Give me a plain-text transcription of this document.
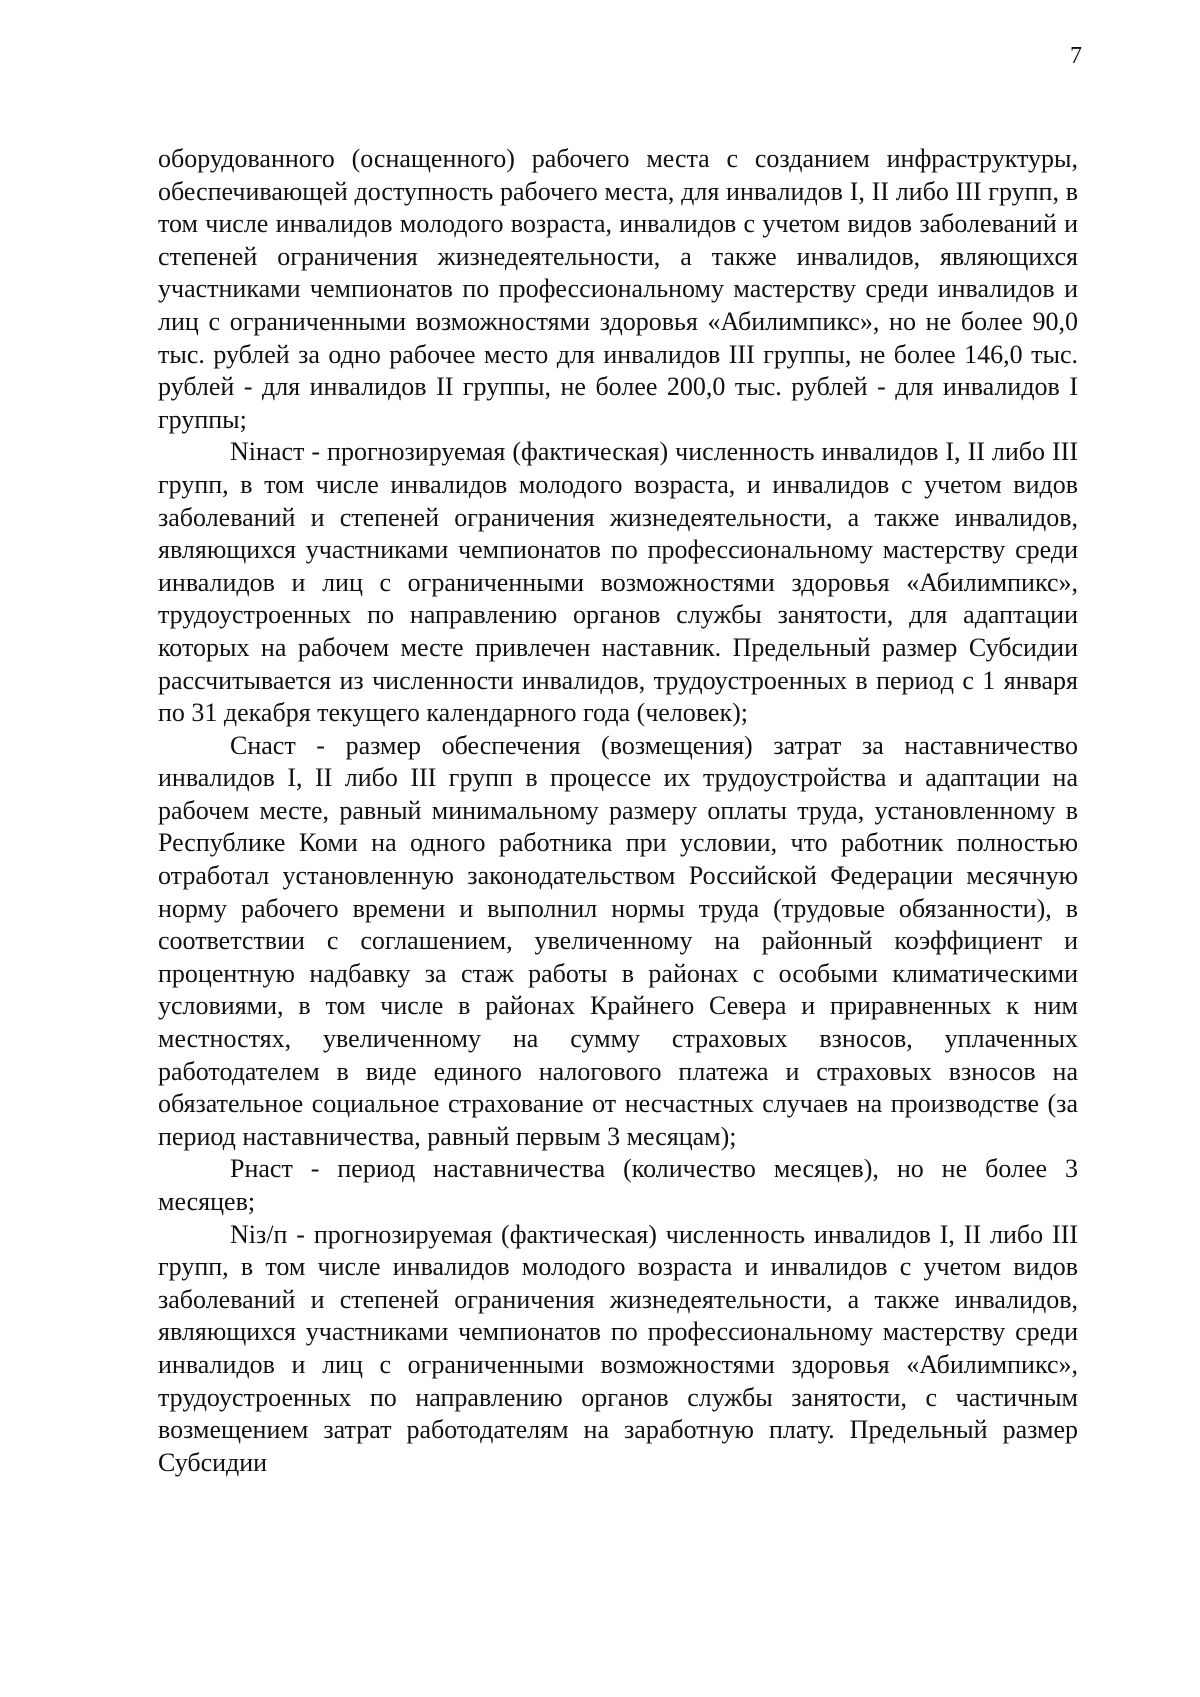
7

оборудованного (оснащенного) рабочего места с созданием инфраструктуры, обеспечивающей доступность рабочего места, для инвалидов I, II либо III групп, в том числе инвалидов молодого возраста, инвалидов с учетом видов заболеваний и степеней ограничения жизнедеятельности, а также инвалидов, являющихся участниками чемпионатов по профессиональному мастерству среди инвалидов и лиц с ограниченными возможностями здоровья «Абилимпикс», но не более 90,0 тыс. рублей за одно рабочее место для инвалидов III группы, не более 146,0 тыс. рублей - для инвалидов II группы, не более 200,0 тыс. рублей - для инвалидов I группы;

Niнаст - прогнозируемая (фактическая) численность инвалидов I, II либо III групп, в том числе инвалидов молодого возраста, и инвалидов с учетом видов заболеваний и степеней ограничения жизнедеятельности, а также инвалидов, являющихся участниками чемпионатов по профессиональному мастерству среди инвалидов и лиц с ограниченными возможностями здоровья «Абилимпикс», трудоустроенных по направлению органов службы занятости, для адаптации которых на рабочем месте привлечен наставник. Предельный размер Субсидии рассчитывается из численности инвалидов, трудоустроенных в период с 1 января по 31 декабря текущего календарного года (человек);

Cнаст - размер обеспечения (возмещения) затрат за наставничество инвалидов I, II либо III групп в процессе их трудоустройства и адаптации на рабочем месте, равный минимальному размеру оплаты труда, установленному в Республике Коми на одного работника при условии, что работник полностью отработал установленную законодательством Российской Федерации месячную норму рабочего времени и выполнил нормы труда (трудовые обязанности), в соответствии с соглашением, увеличенному на районный коэффициент и процентную надбавку за стаж работы в районах с особыми климатическими условиями, в том числе в районах Крайнего Севера и приравненных к ним местностях, увеличенному на сумму страховых взносов, уплаченных работодателем в виде единого налогового платежа и страховых взносов на обязательное социальное страхование от несчастных случаев на производстве (за период наставничества, равный первым 3 месяцам);

Pнаст - период наставничества (количество месяцев), но не более 3 месяцев;

Niз/п - прогнозируемая (фактическая) численность инвалидов I, II либо III групп, в том числе инвалидов молодого возраста и инвалидов с учетом видов заболеваний и степеней ограничения жизнедеятельности, а также инвалидов, являющихся участниками чемпионатов по профессиональному мастерству среди инвалидов и лиц с ограниченными возможностями здоровья «Абилимпикс», трудоустроенных по направлению органов службы занятости, с частичным возмещением затрат работодателям на заработную плату. Предельный размер Субсидии
